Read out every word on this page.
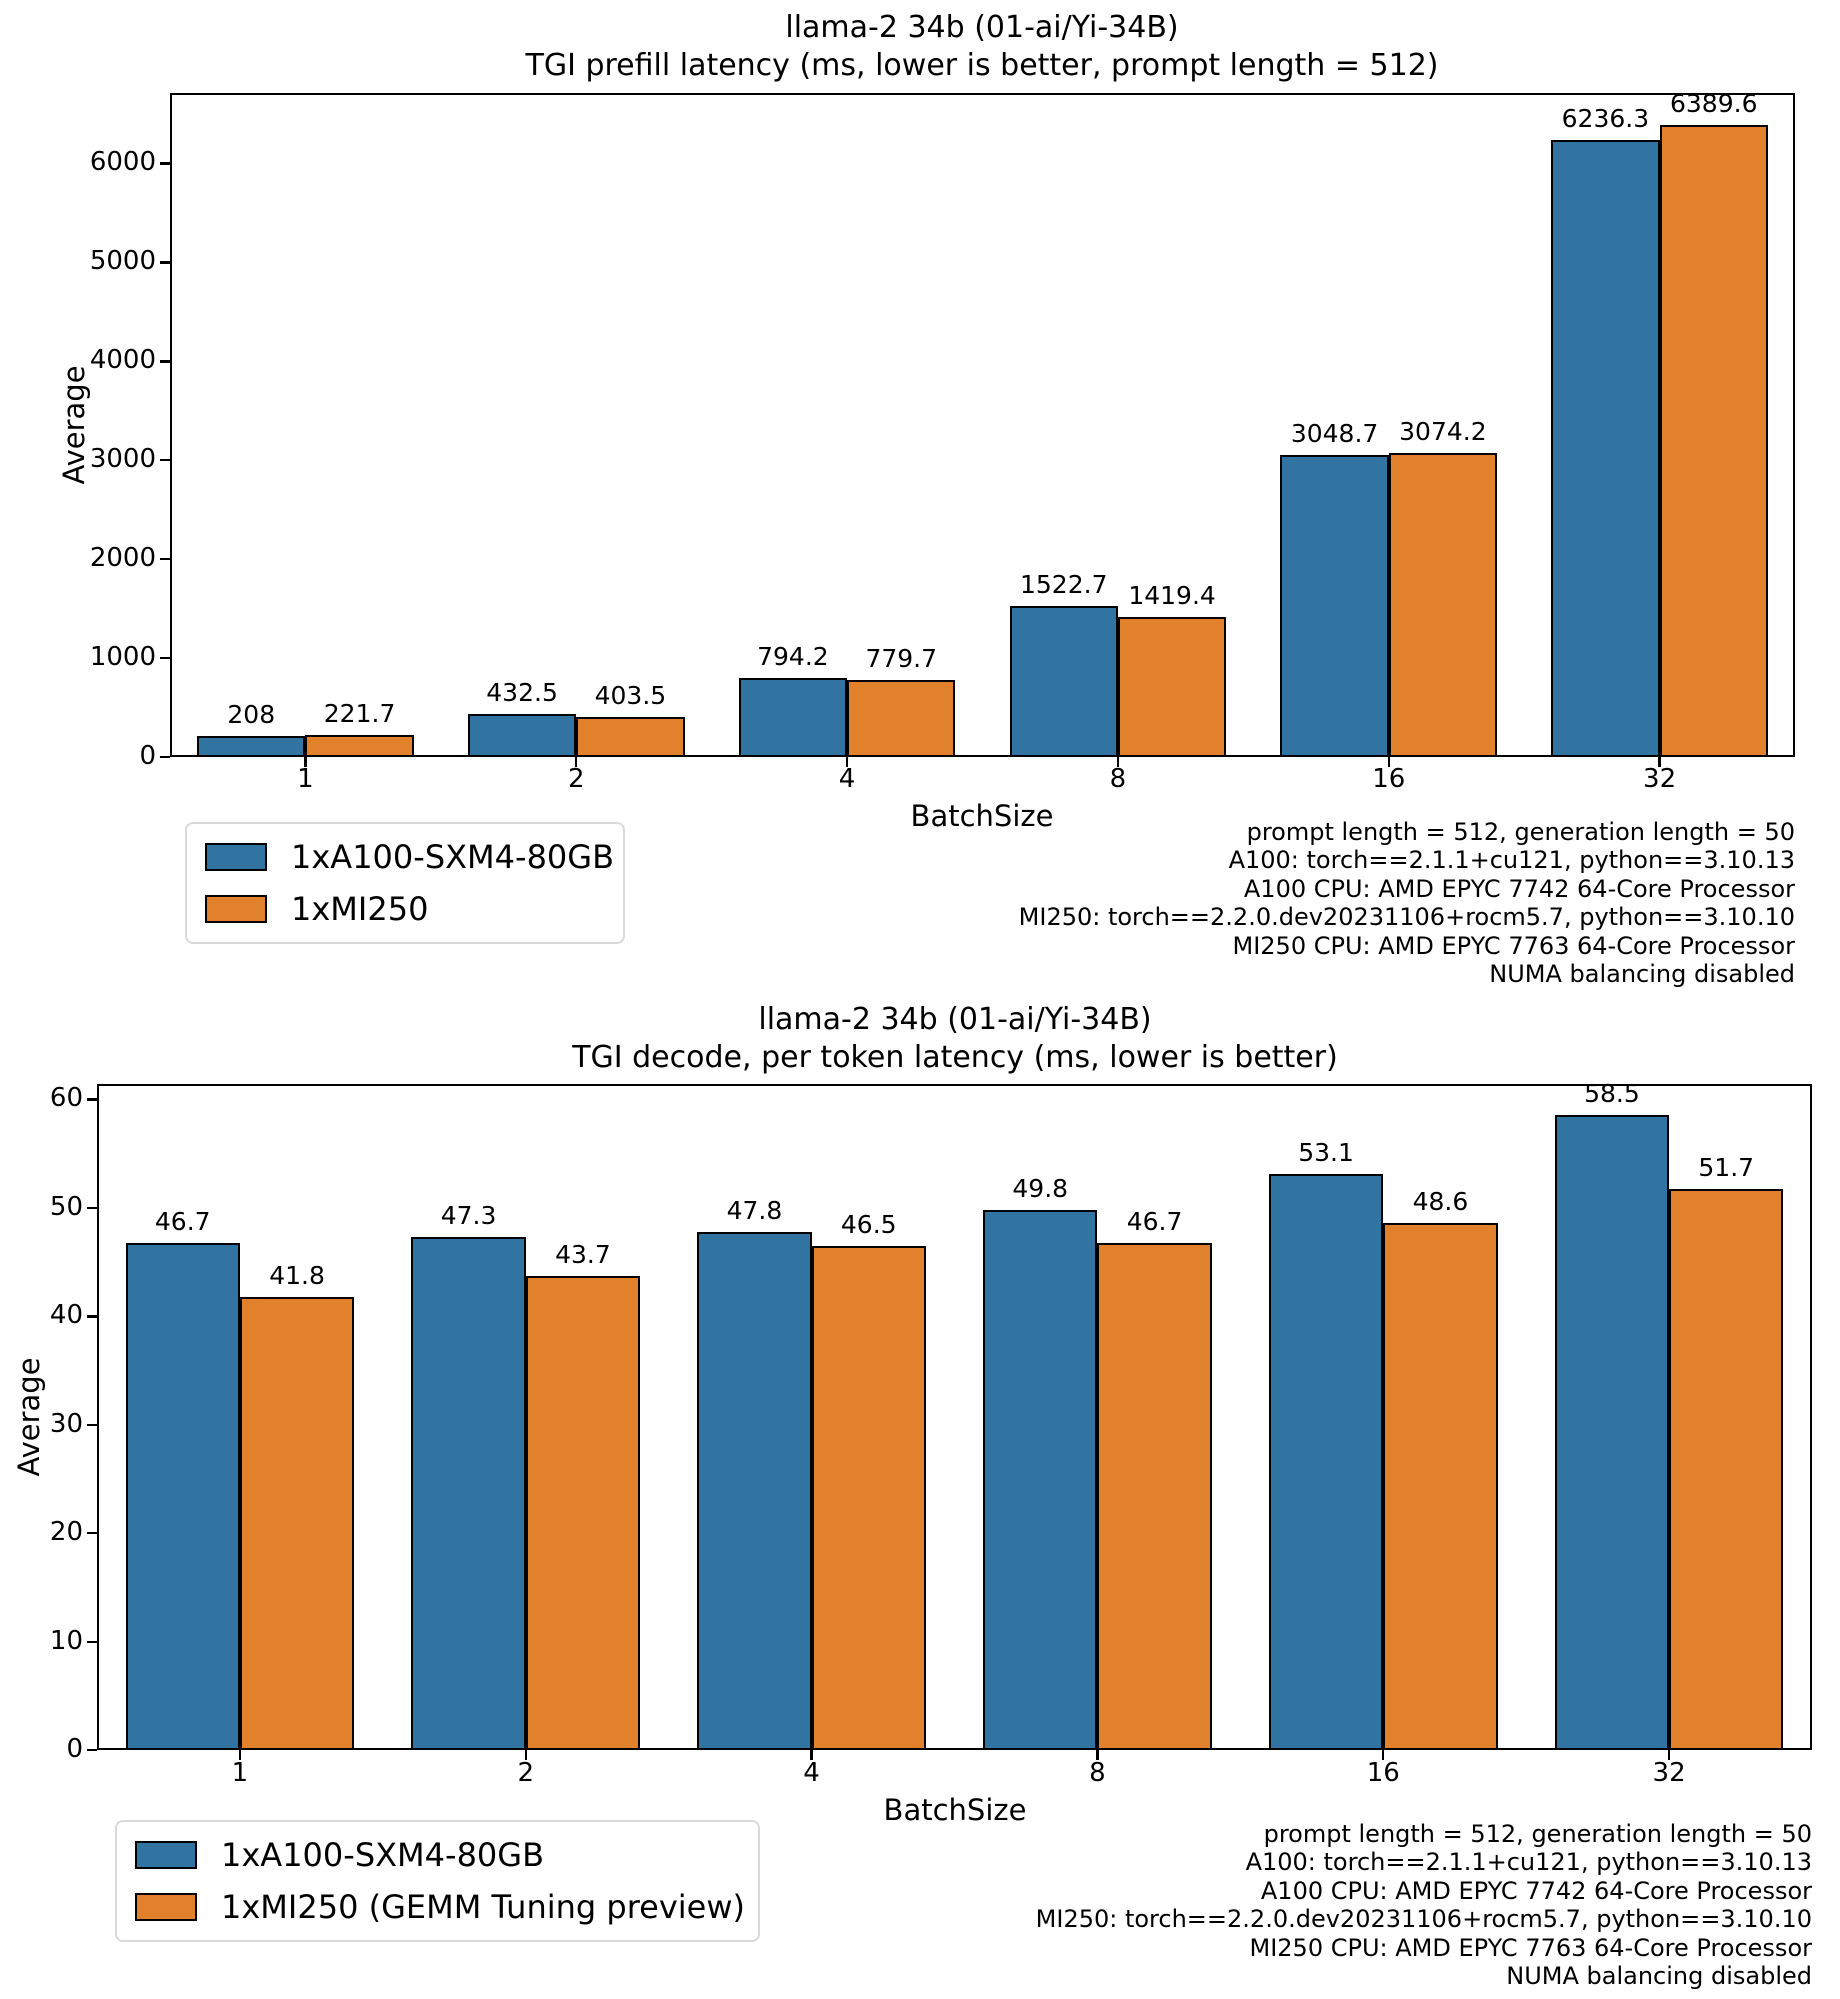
llama-2 34b (01-ai/Yi-34B)
TGI prefill latency (ms, lower is better, prompt length = 512)
Average
BatchSize
0
1000
2000
3000
4000
5000
6000
1	2	4	8	16	32
208
432.5
794.2
1522.7
3048.7
6236.3
221.7
403.5
779.7
1419.4
3074.2
6389.6
1xA100-SXM4-80GB
1xMI250
prompt length = 512, generation length = 50
A100: torch==2.1.1+cu121, python==3.10.13
A100 CPU: AMD EPYC 7742 64-Core Processor
MI250: torch==2.2.0.dev20231106+rocm5.7, python==3.10.10
MI250 CPU: AMD EPYC 7763 64-Core Processor
NUMA balancing disabled
llama-2 34b (01-ai/Yi-34B)
TGI decode, per token latency (ms, lower is better)
Average
BatchSize
0
10
20
30
40
50
60
1	2	4	8	16	32
46.7	47.3	47.8
49.8
53.1
58.5
41.8
43.7
46.5	46.7
48.6
51.7
1xA100-SXM4-80GB
1xMI250 (GEMM Tuning preview)
prompt length = 512, generation length = 50
A100: torch==2.1.1+cu121, python==3.10.13
A100 CPU: AMD EPYC 7742 64-Core Processor
MI250: torch==2.2.0.dev20231106+rocm5.7, python==3.10.10
MI250 CPU: AMD EPYC 7763 64-Core Processor
NUMA balancing disabled
